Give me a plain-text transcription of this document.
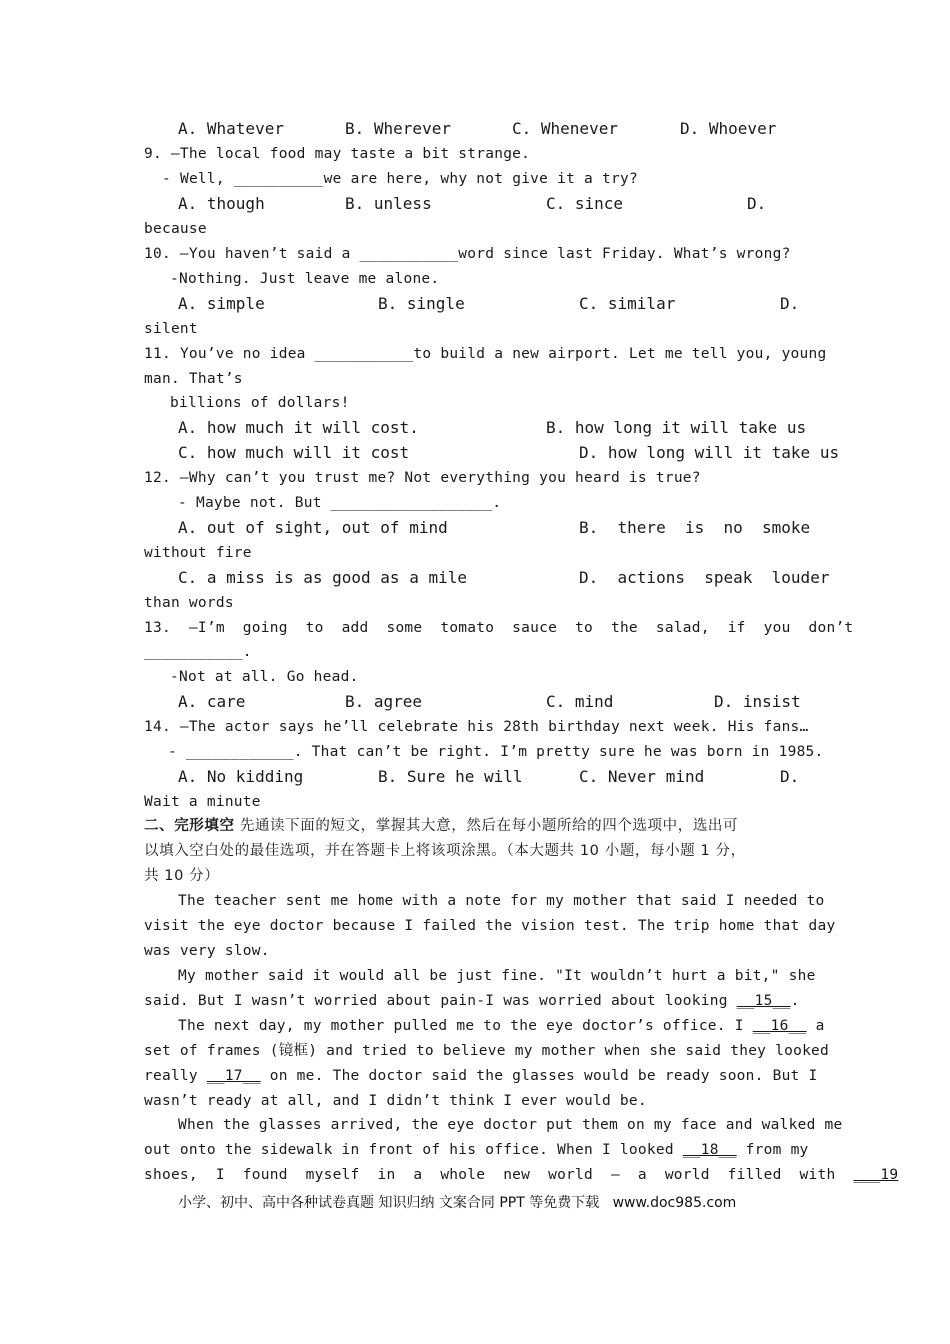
A. Whatever	B. Wherever	C. Whenever	D. Whoever
9. –The local food may taste a bit strange.
- Well, __________we are here, why not give it a try?
A. though	B. unless	C. since	D.
because
10. –You haven’t said a ___________word since last Friday. What’s wrong?
-Nothing. Just leave me alone.
A. simple	B. single	C. similar	D.
silent
11. You’ve no idea ___________to build a new airport. Let me tell you, young
man. That’s
billions of dollars!
A. how much it will cost.	B. how long it will take us
C. how much will it cost	D. how long will it take us
12. –Why can’t you trust me? Not everything you heard is true?
- Maybe not. But __________________.
A. out of sight, out of mind	B.  there  is  no  smoke
without fire
C. a miss is as good as a mile	D.  actions  speak  louder
than words
13.  –I’m  going  to  add  some  tomato  sauce  to  the  salad,  if  you  don’t
___________.
-Not at all. Go head.
A. care	B. agree	C. mind	D. insist
14. –The actor says he’ll celebrate his 28th birthday next week. His fans…
- ____________. That can’t be right. I’m pretty sure he was born in 1985.
A. No kidding	B. Sure he will	C. Never mind	D.
Wait a minute
二、完形填空 先通读下面的短文，掌握其大意，然后在每小题所给的四个选项中，选出可
以填入空白处的最佳选项，并在答题卡上将该项涂黑。（本大题共 10 小题，每小题 1 分，
共 10 分）
The teacher sent me home with a note for my mother that said I needed to
visit the eye doctor because I failed the vision test. The trip home that day
was very slow.
My mother said it would all be just fine. "It wouldn’t hurt a bit," she
said. But I wasn’t worried about pain-I was worried about looking __15__.
The next day, my mother pulled me to the eye doctor’s office. I __16__ a
set of frames (镜框) and tried to believe my mother when she said they looked
really __17__ on me. The doctor said the glasses would be ready soon. But I
wasn’t ready at all, and I didn’t think I ever would be.
When the glasses arrived, the eye doctor put them on my face and walked me
out onto the sidewalk in front of his office. When I looked __18__ from my
shoes,  I  found  myself  in  a  whole  new  world  –  a  world  filled  with  ___19
小学、初中、高中各种试卷真题 知识归纳 文案合同 PPT 等免费下载   www.doc985.com
